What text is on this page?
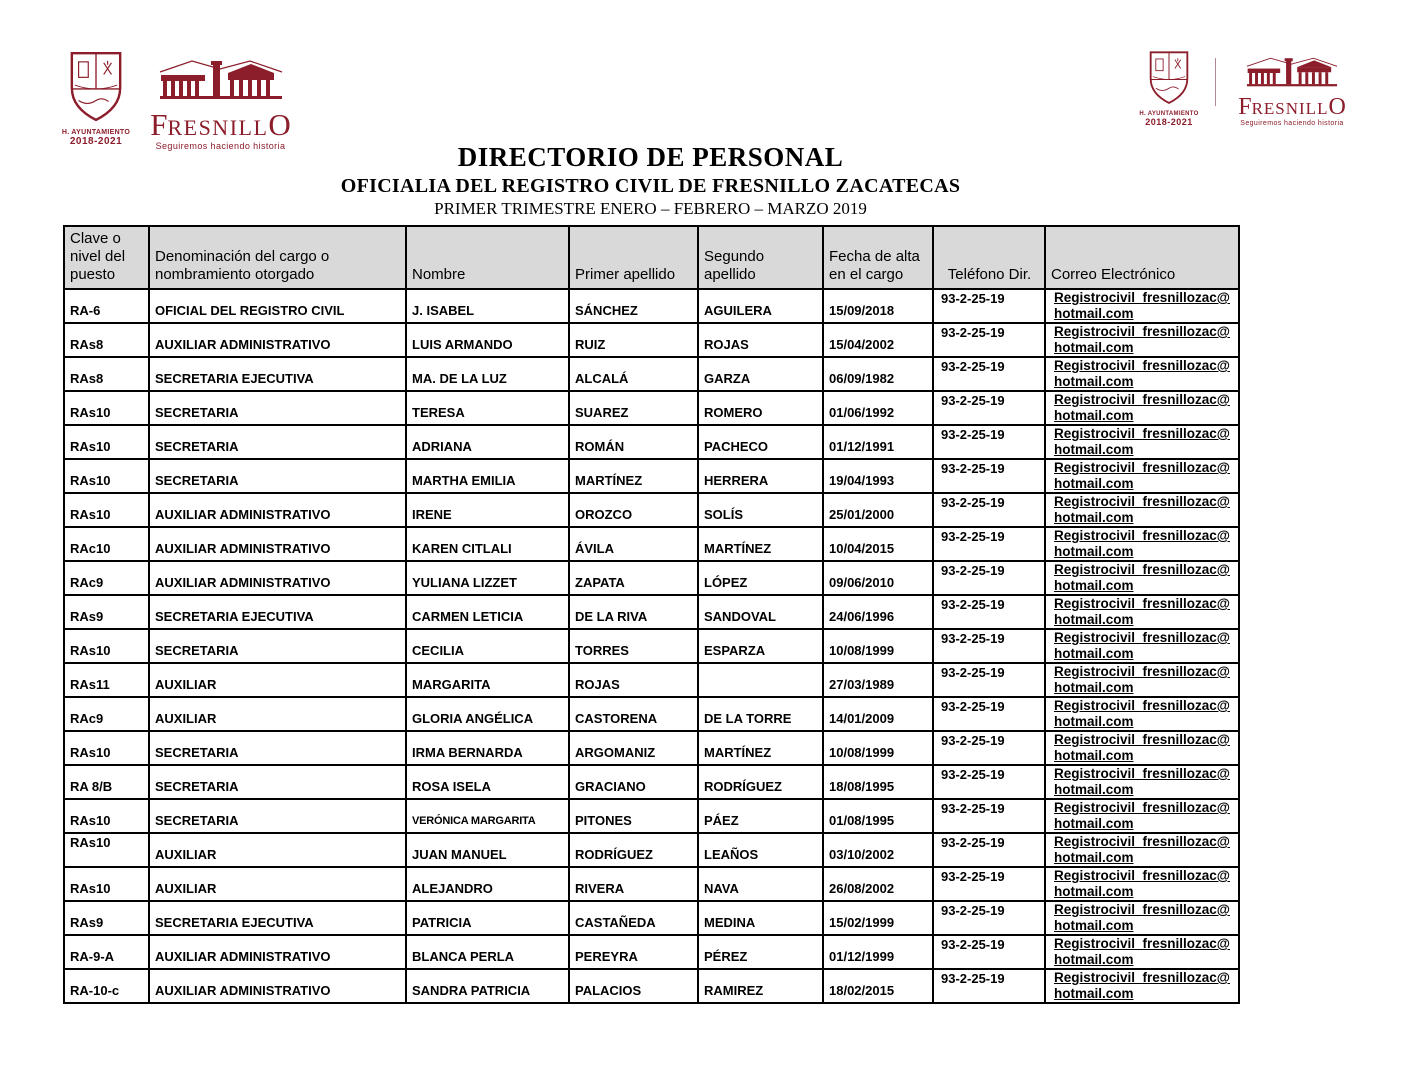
H. AYUNTAMIENTO
2018-2021 FRESNILLO
Seguiremos haciendo historia
H. AYUNTAMIENTO
2018-2021
FRESNILLO
Seguiremos haciendo historia
DIRECTORIO DE PERSONAL
OFICIALIA DEL REGISTRO CIVIL DE FRESNILLO ZACATECAS
PRIMER TRIMESTRE ENERO – FEBRERO – MARZO 2019
Clave o nivel del puesto	Denominación del cargo o nombramiento otorgado	Nombre	Primer apellido	Segundo apellido	Fecha de alta en el cargo	Teléfono Dir.	Correo Electrónico
RA-6	OFICIAL DEL REGISTRO CIVIL	J. ISABEL	SÁNCHEZ	AGUILERA	15/09/2018	93-2-25-19	Registrocivil_fresnillozac@
hotmail.com
RAs8	AUXILIAR ADMINISTRATIVO	LUIS ARMANDO	RUIZ	ROJAS	15/04/2002	93-2-25-19	Registrocivil_fresnillozac@
hotmail.com
RAs8	SECRETARIA EJECUTIVA	MA. DE LA LUZ	ALCALÁ	GARZA	06/09/1982	93-2-25-19	Registrocivil_fresnillozac@
hotmail.com
RAs10	SECRETARIA	TERESA	SUAREZ	ROMERO	01/06/1992	93-2-25-19	Registrocivil_fresnillozac@
hotmail.com
RAs10	SECRETARIA	ADRIANA	ROMÁN	PACHECO	01/12/1991	93-2-25-19	Registrocivil_fresnillozac@
hotmail.com
RAs10	SECRETARIA	MARTHA EMILIA	MARTÍNEZ	HERRERA	19/04/1993	93-2-25-19	Registrocivil_fresnillozac@
hotmail.com
RAs10	AUXILIAR ADMINISTRATIVO	IRENE	OROZCO	SOLÍS	25/01/2000	93-2-25-19	Registrocivil_fresnillozac@
hotmail.com
RAc10	AUXILIAR ADMINISTRATIVO	KAREN CITLALI	ÁVILA	MARTÍNEZ	10/04/2015	93-2-25-19	Registrocivil_fresnillozac@
hotmail.com
RAc9	AUXILIAR ADMINISTRATIVO	YULIANA LIZZET	ZAPATA	LÓPEZ	09/06/2010	93-2-25-19	Registrocivil_fresnillozac@
hotmail.com
RAs9	SECRETARIA EJECUTIVA	CARMEN LETICIA	DE LA RIVA	SANDOVAL	24/06/1996	93-2-25-19	Registrocivil_fresnillozac@
hotmail.com
RAs10	SECRETARIA	CECILIA	TORRES	ESPARZA	10/08/1999	93-2-25-19	Registrocivil_fresnillozac@
hotmail.com
RAs11	AUXILIAR	MARGARITA	ROJAS		27/03/1989	93-2-25-19	Registrocivil_fresnillozac@
hotmail.com
RAc9	AUXILIAR	GLORIA ANGÉLICA	CASTORENA	DE LA TORRE	14/01/2009	93-2-25-19	Registrocivil_fresnillozac@
hotmail.com
RAs10	SECRETARIA	IRMA BERNARDA	ARGOMANIZ	MARTÍNEZ	10/08/1999	93-2-25-19	Registrocivil_fresnillozac@
hotmail.com
RA 8/B	SECRETARIA	ROSA ISELA	GRACIANO	RODRÍGUEZ	18/08/1995	93-2-25-19	Registrocivil_fresnillozac@
hotmail.com
RAs10	SECRETARIA	VERÓNICA MARGARITA	PITONES	PÁEZ	01/08/1995	93-2-25-19	Registrocivil_fresnillozac@
hotmail.com
RAs10	AUXILIAR	JUAN MANUEL	RODRÍGUEZ	LEAÑOS	03/10/2002	93-2-25-19	Registrocivil_fresnillozac@
hotmail.com
RAs10	AUXILIAR	ALEJANDRO	RIVERA	NAVA	26/08/2002	93-2-25-19	Registrocivil_fresnillozac@
hotmail.com
RAs9	SECRETARIA EJECUTIVA	PATRICIA	CASTAÑEDA	MEDINA	15/02/1999	93-2-25-19	Registrocivil_fresnillozac@
hotmail.com
RA-9-A	AUXILIAR ADMINISTRATIVO	BLANCA PERLA	PEREYRA	PÉREZ	01/12/1999	93-2-25-19	Registrocivil_fresnillozac@
hotmail.com
RA-10-c	AUXILIAR ADMINISTRATIVO	SANDRA PATRICIA	PALACIOS	RAMIREZ	18/02/2015	93-2-25-19	Registrocivil_fresnillozac@
hotmail.com
